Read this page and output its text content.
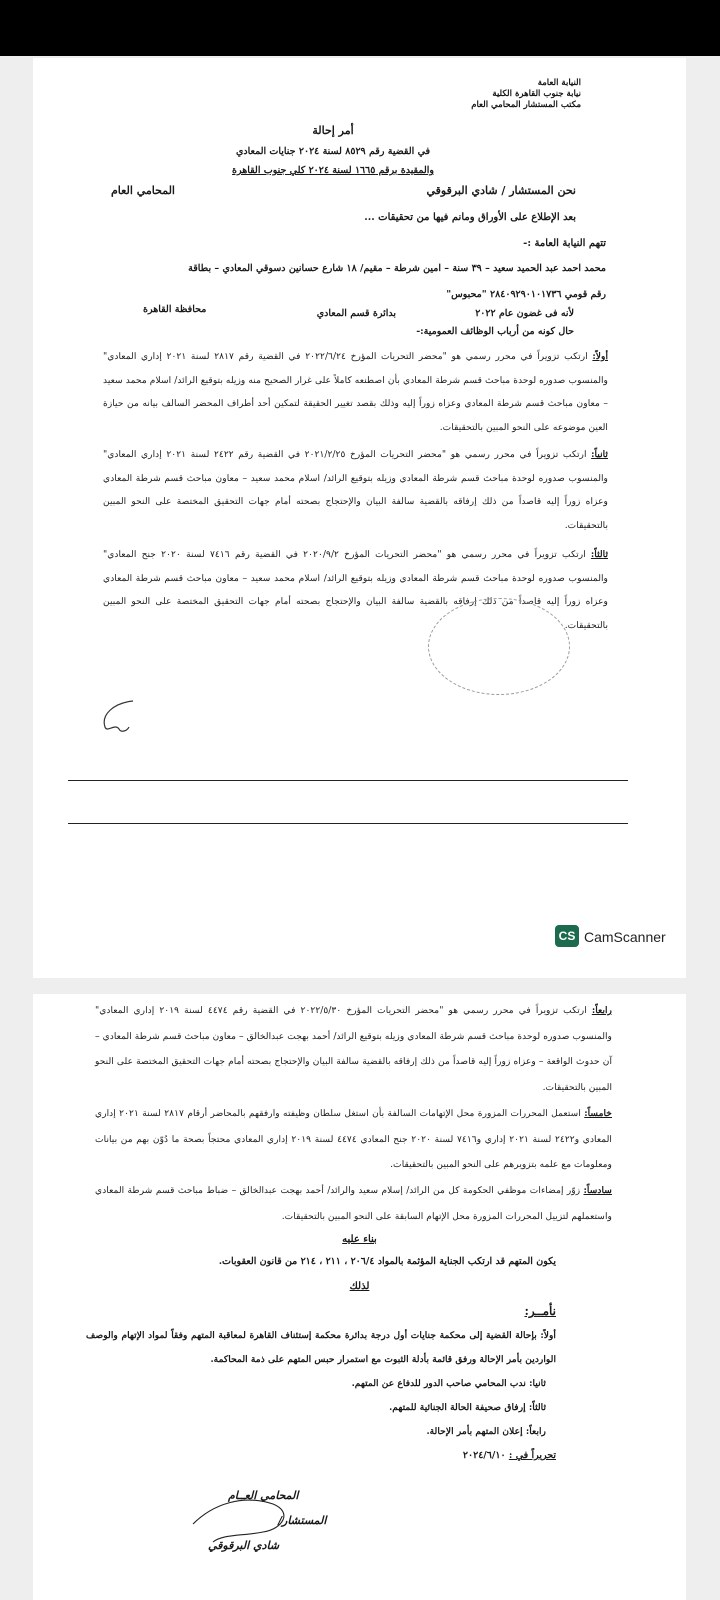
النيابة العامة
نيابة جنوب القاهرة الكلية
مكتب المستشار المحامي العام
أمر إحالة
في القضية رقم ٨٥٢٩ لسنة ٢٠٢٤ جنايات المعادي
والمقيدة برقم ١٦٦٥ لسنة ٢٠٢٤ كلي جنوب القاهرة
نحن المستشار / شادي البرقوقي
المحامي العام
بعد الإطلاع على الأوراق ومانم فيها من تحقيقات ...
تتهم النيابة العامة :-
محمد احمد عبد الحميد سعيد – ٣٩ سنة – امين شرطة – مقيم/ ١٨ شارع حسانين دسوقي المعادي – بطاقة
رقم قومي ٢٨٤٠٩٢٩٠١٠١٧٣٦ "محبوس"
لأنه فى غضون عام ٢٠٢٢
بدائرة قسم المعادي
محافظة القاهرة
حال كونه من أرباب الوظائف العمومية:-
أولاً: ارتكب تزويراً في محرر رسمي هو "محضر التحريات المؤرخ ٢٠٢٢/٦/٢٤ في القضية رقم ٢٨١٧ لسنة ٢٠٢١ إداري المعادي" والمنسوب صدوره لوحدة مباحث قسم شرطة المعادي بأن اصطنعه كاملاً على غرار الصحيح منه وزيله بتوقيع الرائد/ اسلام محمد سعيد – معاون مباحث قسم شرطة المعادي وعزاه زوراً إليه وذلك بقصد تغيير الحقيقة لتمكين أحد أطراف المحضر السالف بيانه من حيازة العين موضوعه على النحو المبين بالتحقيقات.
ثانياً: ارتكب تزويراً في محرر رسمي هو "محضر التحريات المؤرخ ٢٠٢١/٢/٢٥ في القضية رقم ٢٤٢٢ لسنة ٢٠٢١ إداري المعادي" والمنسوب صدوره لوحدة مباحث قسم شرطة المعادي وزيله بتوقيع الرائد/ اسلام محمد سعيد – معاون مباحث قسم شرطة المعادي وعزاه زوراً إليه قاصداً من ذلك إرفاقه بالقضية سالفة البيان والإحتجاج بصحته أمام جهات التحقيق المختصة على النحو المبين بالتحقيقات.
ثالثاً: ارتكب تزويراً في محرر رسمي هو "محضر التحريات المؤرخ ٢٠٢٠/٩/٢ في القضية رقم ٧٤١٦ لسنة ٢٠٢٠ جنح المعادي" والمنسوب صدوره لوحدة مباحث قسم شرطة المعادي وزيله بتوقيع الرائد/ اسلام محمد سعيد – معاون مباحث قسم شرطة المعادي وعزاه زوراً إليه قاصداً من ذلك إرفاقه بالقضية سالفة البيان والإحتجاج بصحته أمام جهات التحقيق المختصة على النحو المبين بالتحقيقات.
CS CamScanner
رابعاً: ارتكب تزويراً في محرر رسمي هو "محضر التحريات المؤرخ ٢٠٢٢/٥/٣٠ في القضية رقم ٤٤٧٤ لسنة ٢٠١٩ إداري المعادي" والمنسوب صدوره لوحدة مباحث قسم شرطة المعادي وزيله بتوقيع الرائد/ أحمد بهجت عبدالخالق – معاون مباحث قسم شرطة المعادي – آن حدوث الواقعة – وعزاه زوراً إليه قاصداً من ذلك إرفاقه بالقضية سالفة البيان والإحتجاج بصحته أمام جهات التحقيق المختصة على النحو المبين بالتحقيقات.
خامساً: استعمل المحررات المزورة محل الإتهامات السالفة بأن استغل سلطان وظيفته وارفقهم بالمحاضر أرقام ٢٨١٧ لسنة ٢٠٢١ إداري المعادي و٢٤٢٢ لسنة ٢٠٢١ إداري و٧٤١٦ لسنة ٢٠٢٠ جنح المعادي ٤٤٧٤ لسنة ٢٠١٩ إداري المعادي محتجاً بصحة ما دُوّن بهم من بيانات ومعلومات مع علمه بتزويرهم على النحو المبين بالتحقيقات.
سادساً: زوّر إمضاءات موظفي الحكومة كل من الرائد/ إسلام سعيد والرائد/ أحمد بهجت عبدالخالق – ضباط مباحث قسم شرطة المعادي واستعملهم لتزييل المحررات المزورة محل الإتهام السابقة على النحو المبين بالتحقيقات.
بناء عليه
يكون المتهم قد ارتكب الجناية المؤثمة بالمواد ٢٠٦/٤ ، ٢١١ ، ٢١٤ من قانون العقوبات.
لذلك
نأمــر:
أولاً: بإحالة القضية إلى محكمة جنايات أول درجة بدائرة محكمة إستئناف القاهرة لمعاقبة المتهم وفقاً لمواد الإتهام والوصف الواردين بأمر الإحالة ورفق قائمة بأدلة الثبوت مع استمرار حبس المتهم على ذمة المحاكمة.
ثانيا: ندب المحامي صاحب الدور للدفاع عن المتهم.
ثالثاً: إرفاق صحيفة الحالة الجنائية للمتهم.
رابعاً: إعلان المتهم بأمر الإحالة.
تحريراً في : ٢٠٢٤/٦/١٠
المحامي العــام
المستشار/
شادي البرقوقي
